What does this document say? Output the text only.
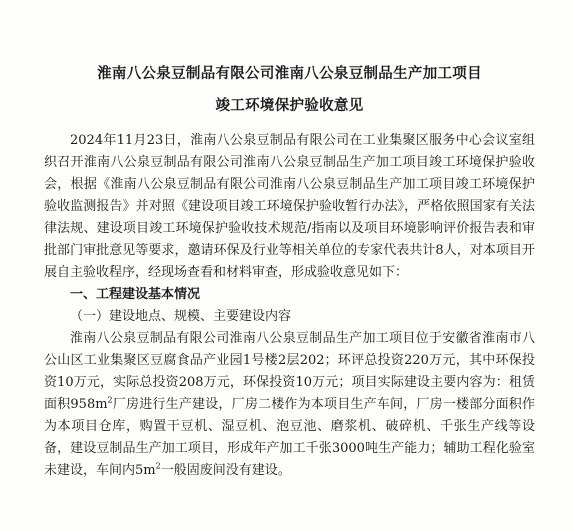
淮南八公泉豆制品有限公司淮南八公泉豆制品生产加工项目
竣工环境保护验收意见

2024年11月23日，淮南八公泉豆制品有限公司在工业集聚区服务中心会议室组织召开淮南八公泉豆制品有限公司淮南八公泉豆制品生产加工项目竣工环境保护验收会，根据《淮南八公泉豆制品有限公司淮南八公泉豆制品生产加工项目竣工环境保护验收监测报告》并对照《建设项目竣工环境保护验收暂行办法》，严格依照国家有关法律法规、建设项目竣工环境保护验收技术规范/指南以及项目环境影响评价报告表和审批部门审批意见等要求，邀请环保及行业等相关单位的专家代表共计8人，对本项目开展自主验收程序，经现场查看和材料审查，形成验收意见如下：

一、工程建设基本情况

（一）建设地点、规模、主要建设内容

淮南八公泉豆制品有限公司淮南八公泉豆制品生产加工项目位于安徽省淮南市八公山区工业集聚区豆腐食品产业园1号楼2层202；环评总投资220万元，其中环保投资10万元，实际总投资208万元，环保投资10万元；项目实际建设主要内容为：租赁面积$958m^2$厂房进行生产建设，厂房二楼作为本项目生产车间，厂房一楼部分面积作为本项目仓库，购置干豆机、湿豆机、泡豆池、磨浆机、破碎机、千张生产线等设备，建设豆制品生产加工项目，形成年产加工千张3000吨生产能力；辅助工程化验室未建设，车间内$5m^2$一般固废间没有建设。
